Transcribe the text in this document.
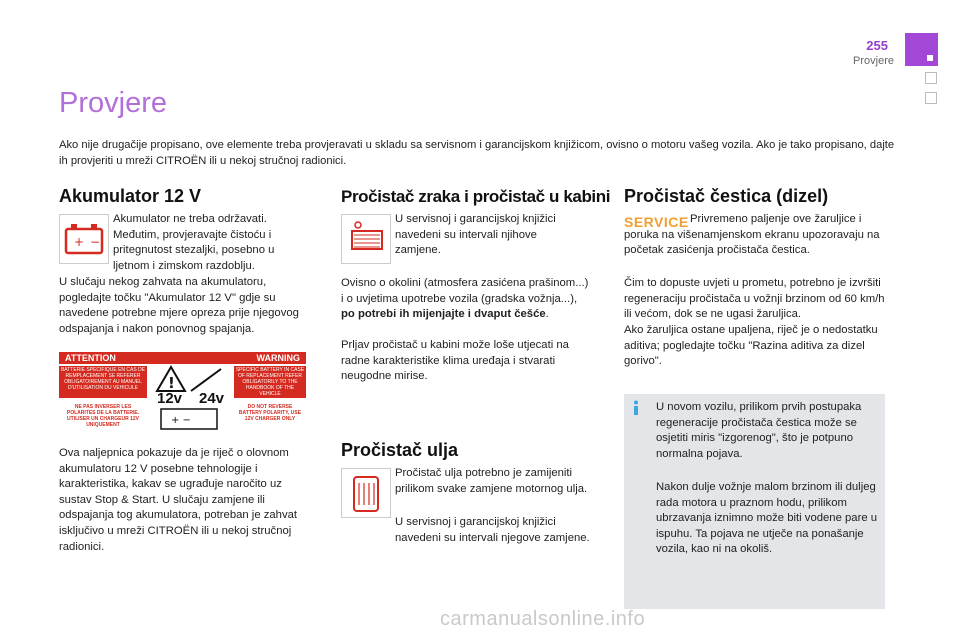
255
Provjere
Provjere
Ako nije drugačije propisano, ove elemente treba provjeravati u skladu sa servisnom i garancijskom knjižicom, ovisno o motoru vašeg vozila. Ako je tako propisano, dajte ih provjeriti u mreži CITROËN ili u nekoj stručnoj radionici.
Akumulator 12 V
+ −
Akumulator ne treba održavati. Međutim, provjeravajte čistoću i pritegnutost stezaljki, posebno u ljetnom i zimskom razdoblju.
U slučaju nekog zahvata na akumulatoru, pogledajte točku "Akumulator 12 V" gdje su navedene potrebne mjere opreza prije njegovog odspajanja i nakon ponovnog spajanja.
ATTENTION	WARNING
BATTERIE SPECIFIQUE EN CAS DE REMPLACEMENT SE REFERER OBLIGATOIREMENT AU MANUEL D'UTILISATION DU VEHICULE
SPECIFIC BATTERY IN CASE OF REPLACEMENT REFER OBLIGATORILY TO THE HANDBOOK OF THE VEHICLE
!
+ −
12v 24v
NE PAS INVERSER LES POLARITES DE LA BATTERIE. UTILISER UN CHARGEUR 12V UNIQUEMENT
DO NOT REVERSE BATTERY POLARITY, USE 12V CHARGER ONLY
Ova naljepnica pokazuje da je riječ o olovnom akumulatoru 12 V posebne tehnologije i karakteristika, kakav se ugrađuje naročito uz sustav Stop & Start. U slučaju zamjene ili odspajanja tog akumulatora, potreban je zahvat isključivo u mreži CITROËN ili u nekoj stručnoj radionici.
Pročistač zraka i pročistač u kabini
U servisnoj i garancijskoj knjižici navedeni su intervali njihove zamjene.
Ovisno o okolini (atmosfera zasićena prašinom...) i o uvjetima upotrebe vozila (gradska vožnja...), po potrebi ih mijenjajte i dvaput češće.
Prljav pročistač u kabini može loše utjecati na radne karakteristike klima uređaja i stvarati neugodne mirise.
Pročistač ulja
Pročistač ulja potrebno je zamijeniti prilikom svake zamjene motornog ulja.
U servisnoj i garancijskoj knjižici navedeni su intervali njegove zamjene.
Pročistač čestica (dizel)
SERVICE Privremeno paljenje ove žaruljice i poruka na višenamjenskom ekranu upozoravaju na početak zasićenja pročistača čestica.
Čim to dopuste uvjeti u prometu, potrebno je izvršiti regeneraciju pročistača u vožnji brzinom od 60 km/h ili većom, dok se ne ugasi žaruljica.
Ako žaruljica ostane upaljena, riječ je o nedostatku aditiva; pogledajte točku "Razina aditiva za dizel gorivo".
U novom vozilu, prilikom prvih postupaka regeneracije pročistača čestica može se osjetiti miris "izgorenog", što je potpuno normalna pojava.
Nakon dulje vožnje malom brzinom ili duljeg rada motora u praznom hodu, prilikom ubrzavanja iznimno može biti vodene pare u ispuhu. Ta pojava ne utječe na ponašanje vozila, kao ni na okoliš.
carmanualsonline.info
